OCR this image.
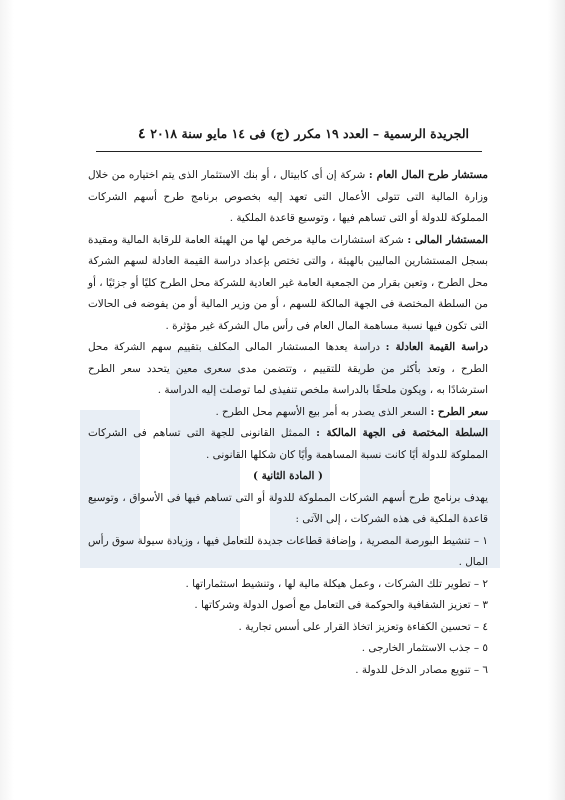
الجريدة الرسمية – العدد ١٩ مكرر (ج) فى ١٤ مايو سنة ٢٠١٨
٤

مستشار طرح المال العام : شركة إن أى كابيتال ، أو بنك الاستثمار الذى يتم اختياره من خلال وزارة المالية التى تتولى الأعمال التى تعهد إليه بخصوص برنامج طرح أسهم الشركات المملوكة للدولة أو التى تساهم فيها ، وتوسيع قاعدة الملكية .

المستشار المالى : شركة استشارات مالية مرخص لها من الهيئة العامة للرقابة المالية ومقيدة بسجل المستشارين الماليين بالهيئة ، والتى تختص بإعداد دراسة القيمة العادلة لسهم الشركة محل الطرح ، وتعين بقرار من الجمعية العامة غير العادية للشركة محل الطرح كليًا أو جزئيًا ، أو من السلطة المختصة فى الجهة المالكة للسهم ، أو من وزير المالية أو من يفوضه فى الحالات التى تكون فيها نسبة مساهمة المال العام فى رأس مال الشركة غير مؤثرة .

دراسة القيمة العادلة : دراسة يعدها المستشار المالى المكلف بتقييم سهم الشركة محل الطرح ، وتعد بأكثر من طريقة للتقييم ، وتتضمن مدى سعرى معين يتحدد سعر الطرح استرشادًا به ، ويكون ملحقًا بالدراسة ملخص تنفيذى لما توصلت إليه الدراسة .

سعر الطرح : السعر الذى يصدر به أمر بيع الأسهم محل الطرح .

السلطة المختصة فى الجهة المالكة : الممثل القانونى للجهة التى تساهم فى الشركات المملوكة للدولة أيًا كانت نسبة المساهمة وأيًا كان شكلها القانونى .

( المادة الثانية )

يهدف برنامج طرح أسهم الشركات المملوكة للدولة أو التى تساهم فيها فى الأسواق ، وتوسيع قاعدة الملكية فى هذه الشركات ، إلى الآتى :

١ – تنشيط البورصة المصرية ، وإضافة قطاعات جديدة للتعامل فيها ، وزيادة سيولة سوق رأس المال .

٢ – تطوير تلك الشركات ، وعمل هيكلة مالية لها ، وتنشيط استثماراتها .

٣ – تعزيز الشفافية والحوكمة فى التعامل مع أصول الدولة وشركاتها .

٤ – تحسين الكفاءة وتعزيز اتخاذ القرار على أسس تجارية .

٥ – جذب الاستثمار الخارجى .

٦ – تنويع مصادر الدخل للدولة .
